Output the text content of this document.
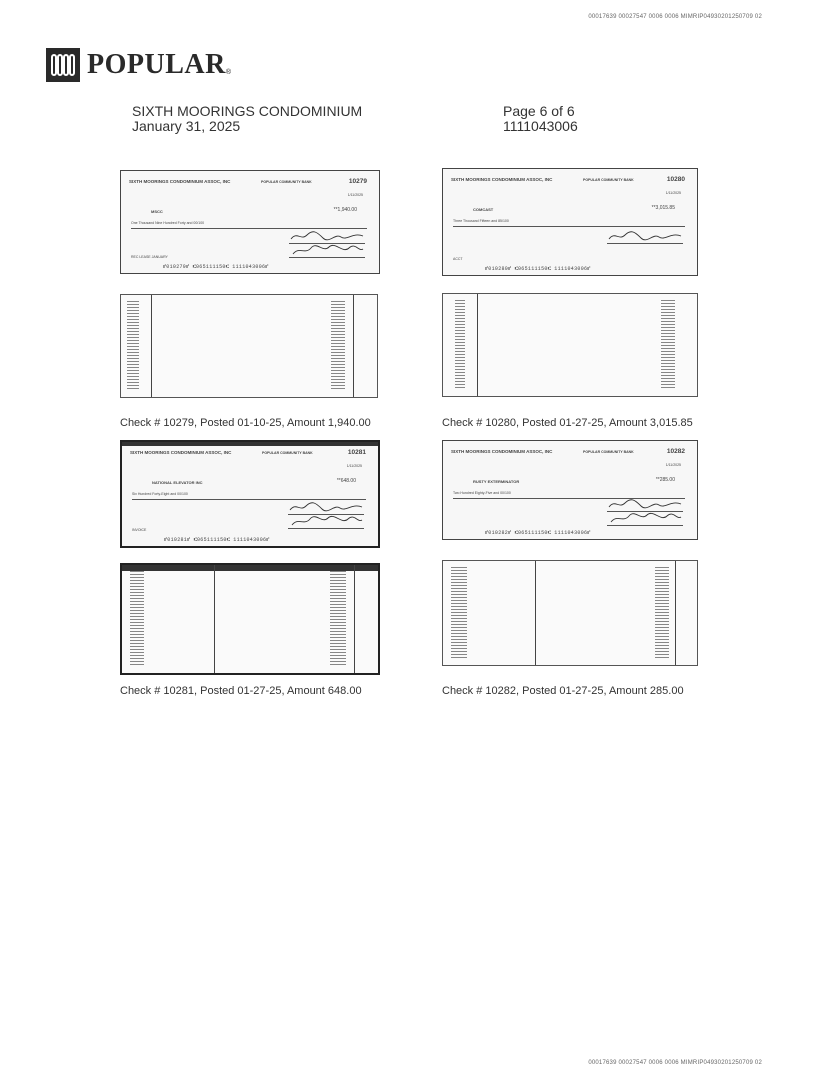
00017639 00027547 0006 0006 MIMRIP04930201250709 02
POPULAR ®
SIXTH MOORINGS CONDOMINIUM
January 31, 2025
Page 6 of 6
1111043006
SIXTH MOORINGS CONDOMINIUM ASSOC, INC	POPULAR COMMUNITY BANK	10279
1/11/2025
MSCC	**1,940.00
One Thousand Nine Hundred Forty and 00/100
REC LEASE JANUARY
⑈010279⑈ ⑆065111150⑆ 1111043006⑈
Check # 10279, Posted 01-10-25, Amount 1,940.00
SIXTH MOORINGS CONDOMINIUM ASSOC, INC	POPULAR COMMUNITY BANK	10280
1/11/2025
COMCAST	**3,015.85
Three Thousand Fifteen and 85/100
ACCT
⑈010280⑈ ⑆065111150⑆ 1111043006⑈
Check # 10280, Posted 01-27-25, Amount 3,015.85
SIXTH MOORINGS CONDOMINIUM ASSOC, INC	POPULAR COMMUNITY BANK	10281
1/11/2025
NATIONAL ELEVATOR INC	**648.00
Six Hundred Forty-Eight and 00/100
INVOICE
⑈010281⑈ ⑆065111150⑆ 1111043006⑈
Check # 10281, Posted 01-27-25, Amount 648.00
SIXTH MOORINGS CONDOMINIUM ASSOC, INC	POPULAR COMMUNITY BANK	10282
1/11/2025
RUSTY EXTERMINATOR	**285.00
Two Hundred Eighty-Five and 00/100
⑈010282⑈ ⑆065111150⑆ 1111043006⑈
Check # 10282, Posted 01-27-25, Amount 285.00
00017639 00027547 0006 0006 MIMRIP04930201250709 02
